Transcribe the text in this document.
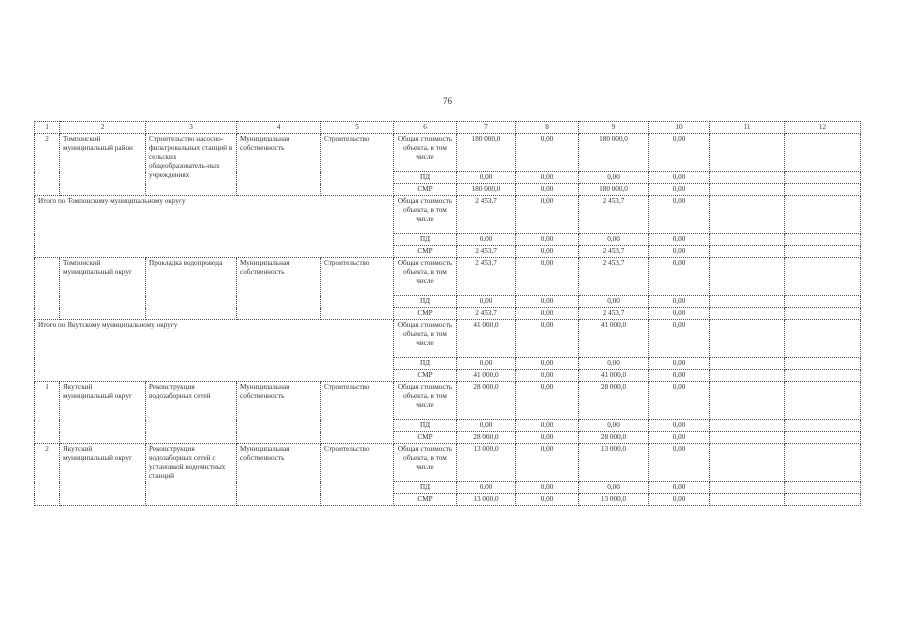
76
1	2	3	4	5	6	7	8	9	10	11	12
2	Томпонский муниципальный район	Строительство насосно-фильтровальных станций в сельских общеобразователь-ных учреждениях	Муниципальная собственность	Строительство	Общая стоимость объекта, в том числе	180 000,0	0,00	180 000,0	0,00		
					ПД	0,00	0,00	0,00	0,00		
					СМР	180 000,0	0,00	180 000,0	0,00		
Итого по Томпонскому муниципальному округу					Общая стоимость объекта, в том числе	2 453,7	0,00	2 453,7	0,00		
					ПД	0,00	0,00	0,00	0,00		
					СМР	2 453,7	0,00	2 453,7	0,00		
	Томпонский муниципальный округ	Прокладка водопровода	Муниципальная собственность	Строительство	Общая стоимость объекта, в том числе	2 453,7	0,00	2 453,7	0,00		
					ПД	0,00	0,00	0,00	0,00		
					СМР	2 453,7	0,00	2 453,7	0,00		
Итого по Якутскому муниципальному округу					Общая стоимость объекта, в том числе	41 000,0	0,00	41 000,0	0,00		
					ПД	0,00	0,00	0,00	0,00		
					СМР	41 000,0	0,00	41 000,0	0,00		
1	Якутский муниципальный округ	Реконструкция водозаборных сетей	Муниципальная собственность	Строительство	Общая стоимость объекта, в том числе	28 000,0	0,00	28 000,0	0,00		
					ПД	0,00	0,00	0,00	0,00		
					СМР	28 000,0	0,00	28 000,0	0,00		
2	Якутский муниципальный округ	Реконструкция водозаборных сетей с установкой водочистных станций	Муниципальная собственность	Строительство	Общая стоимость объекта, в том числе	13 000,0	0,00	13 000,0	0,00		
					ПД	0,00	0,00	0,00	0,00		
					СМР	13 000,0	0,00	13 000,0	0,00		
